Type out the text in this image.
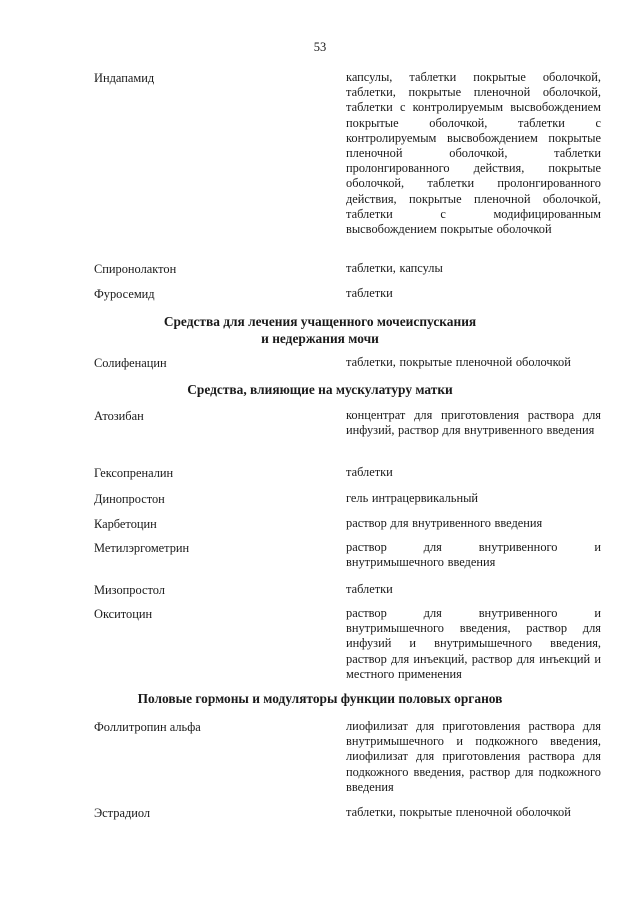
53
Индапамид	капсулы, таблетки покрытые оболочкой, таблетки, покрытые пленочной оболочкой, таблетки с контролируемым высвобождением покрытые оболочкой, таблетки с контролируемым высвобождением покрытые пленочной оболочкой, таблетки пролонгированного действия, покрытые оболочкой, таблетки пролонгированного действия, покрытые пленочной оболочкой, таблетки с модифицированным высвобождением покрытые оболочкой
Спиронолактон	таблетки, капсулы
Фуросемид	таблетки
Средства для лечения учащенного мочеиспускания
и недержания мочи
Солифенацин	таблетки, покрытые пленочной оболочкой
Средства, влияющие на мускулатуру матки
Атозибан	концентрат для приготовления раствора для инфузий, раствор для внутривенного введения
Гексопреналин	таблетки
Динопростон	гель интрацервикальный
Карбетоцин	раствор для внутривенного введения
Метилэргометрин	раствор для внутривенного и внутримышечного введения
Мизопростол	таблетки
Окситоцин	раствор для внутривенного и внутримышечного введения, раствор для инфузий и внутримышечного введения, раствор для инъекций, раствор для инъекций и местного применения
Половые гормоны и модуляторы функции половых органов
Фоллитропин альфа	лиофилизат для приготовления раствора для внутримышечного и подкожного введения, лиофилизат для приготовления раствора для подкожного введения, раствор для подкожного введения
Эстрадиол	таблетки, покрытые пленочной оболочкой
